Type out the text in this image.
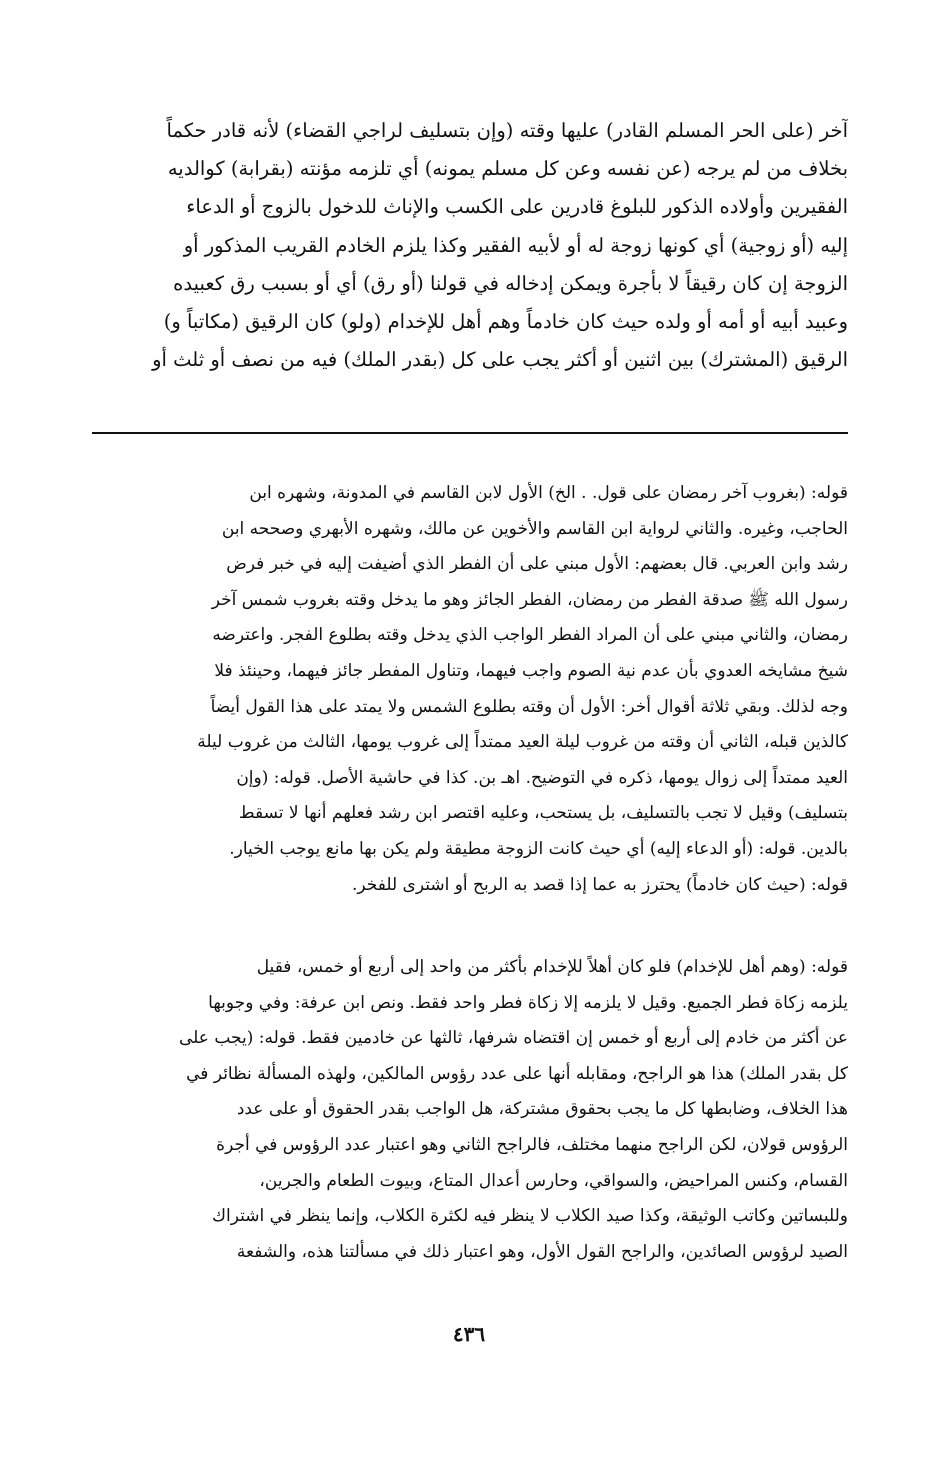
آخر (على الحر المسلم القادر) عليها وقته (وإن بتسليف لراجي القضاء) لأنه قادر حكماً
بخلاف من لم يرجه (عن نفسه وعن كل مسلم يمونه) أي تلزمه مؤنته (بقرابة) كوالديه
الفقيرين وأولاده الذكور للبلوغ قادرين على الكسب والإناث للدخول بالزوج أو الدعاء
إليه (أو زوجية) أي كونها زوجة له أو لأبيه الفقير وكذا يلزم الخادم القريب المذكور أو
الزوجة إن كان رقيقاً لا بأجرة ويمكن إدخاله في قولنا (أو رق) أي أو بسبب رق كعبيده
وعبيد أبيه أو أمه أو ولده حيث كان خادماً وهم أهل للإخدام (ولو) كان الرقيق (مكاتباً و)
الرقيق (المشترك) بين اثنين أو أكثر يجب على كل (بقدر الملك) فيه من نصف أو ثلث أو
قوله: (بغروب آخر رمضان على قول. . الخ) الأول لابن القاسم في المدونة، وشهره ابن
الحاجب، وغيره. والثاني لرواية ابن القاسم والأخوين عن مالك، وشهره الأبهري وصححه ابن
رشد وابن العربي. قال بعضهم: الأول مبني على أن الفطر الذي أضيفت إليه في خبر فرض
رسول الله ﷺ صدقة الفطر من رمضان، الفطر الجائز وهو ما يدخل وقته بغروب شمس آخر
رمضان، والثاني مبني على أن المراد الفطر الواجب الذي يدخل وقته بطلوع الفجر. واعترضه
شيخ مشايخه العدوي بأن عدم نية الصوم واجب فيهما، وتناول المفطر جائز فيهما، وحينئذ فلا
وجه لذلك. وبقي ثلاثة أقوال أخر: الأول أن وقته بطلوع الشمس ولا يمتد على هذا القول أيضاً
كالذين قبله، الثاني أن وقته من غروب ليلة العيد ممتداً إلى غروب يومها، الثالث من غروب ليلة
العيد ممتداً إلى زوال يومها، ذكره في التوضيح. اهـ بن. كذا في حاشية الأصل. قوله: (وإن
بتسليف) وقيل لا تجب بالتسليف، بل يستحب، وعليه اقتصر ابن رشد فعلهم أنها لا تسقط
بالدين. قوله: (أو الدعاء إليه) أي حيث كانت الزوجة مطيقة ولم يكن بها مانع يوجب الخيار.
قوله: (حيث كان خادماً) يحترز به عما إذا قصد به الربح أو اشترى للفخر.
قوله: (وهم أهل للإخدام) فلو كان أهلاً للإخدام بأكثر من واحد إلى أربع أو خمس، فقيل
يلزمه زكاة فطر الجميع. وقيل لا يلزمه إلا زكاة فطر واحد فقط. ونص ابن عرفة: وفي وجوبها
عن أكثر من خادم إلى أربع أو خمس إن اقتضاه شرفها، ثالثها عن خادمين فقط. قوله: (يجب على
كل بقدر الملك) هذا هو الراجح، ومقابله أنها على عدد رؤوس المالكين، ولهذه المسألة نظائر في
هذا الخلاف، وضابطها كل ما يجب بحقوق مشتركة، هل الواجب بقدر الحقوق أو على عدد
الرؤوس قولان، لكن الراجح منهما مختلف، فالراجح الثاني وهو اعتبار عدد الرؤوس في أجرة
القسام، وكنس المراحيض، والسواقي، وحارس أعدال المتاع، وبيوت الطعام والجرين،
وللبساتين وكاتب الوثيقة، وكذا صيد الكلاب لا ينظر فيه لكثرة الكلاب، وإنما ينظر في اشتراك
الصيد لرؤوس الصائدين، والراجح القول الأول، وهو اعتبار ذلك في مسألتنا هذه، والشفعة
٤٣٦
